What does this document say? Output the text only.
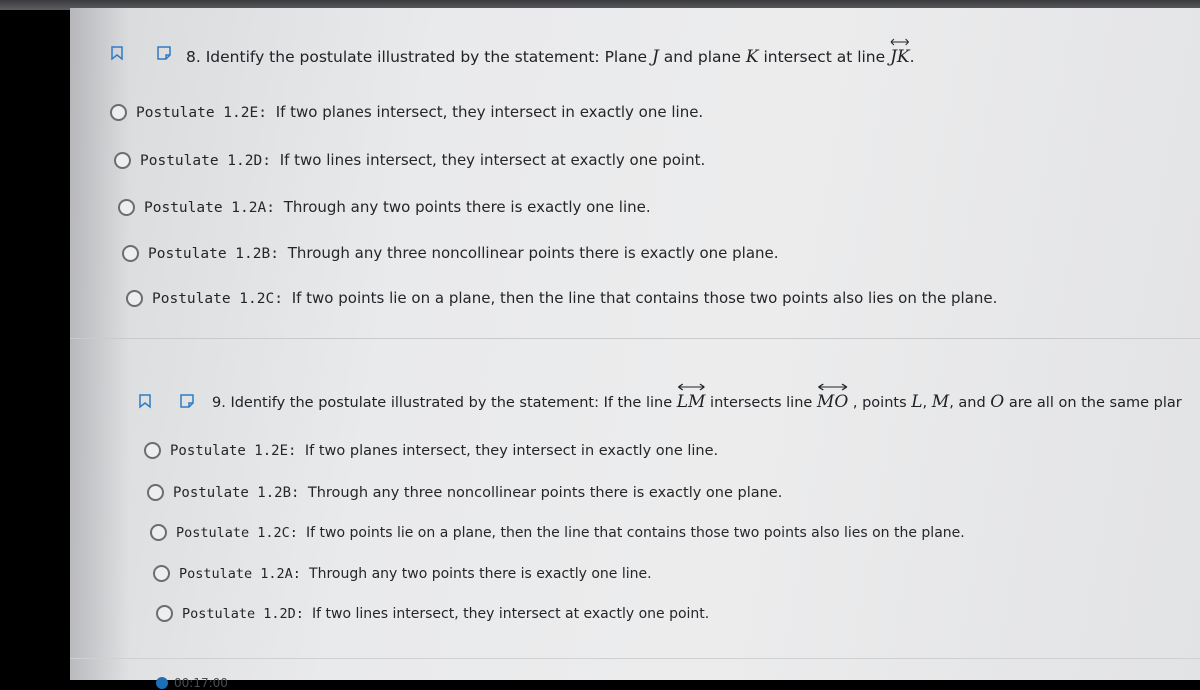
8. Identify the postulate illustrated by the statement: Plane J and plane K intersect at line
JK.
Postulate 1.2E: If two planes intersect, they intersect in exactly one line.
Postulate 1.2D: If two lines intersect, they intersect at exactly one point.
Postulate 1.2A: Through any two points there is exactly one line.
Postulate 1.2B: Through any three noncollinear points there is exactly one plane.
Postulate 1.2C: If two points lie on a plane, then the line that contains those two points also lies on the plane.
9. Identify the postulate illustrated by the statement: If the line
LM intersects line
MO , points L, M, and O are all on the same plar
Postulate 1.2E: If two planes intersect, they intersect in exactly one line.
Postulate 1.2B: Through any three noncollinear points there is exactly one plane.
Postulate 1.2C: If two points lie on a plane, then the line that contains those two points also lies on the plane.
Postulate 1.2A: Through any two points there is exactly one line.
Postulate 1.2D: If two lines intersect, they intersect at exactly one point.
00:17:00
